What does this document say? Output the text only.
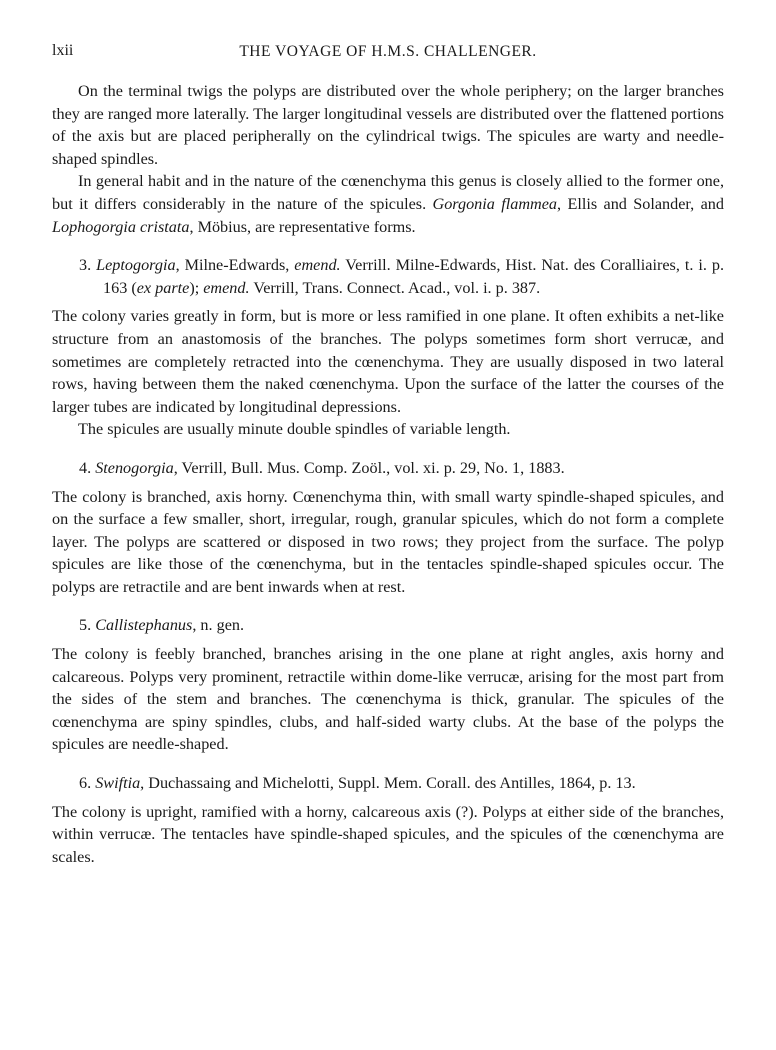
lxii	THE VOYAGE OF H.M.S. CHALLENGER.

On the terminal twigs the polyps are distributed over the whole periphery; on the larger branches they are ranged more laterally. The larger longitudinal vessels are distributed over the flattened portions of the axis but are placed peripherally on the cylindrical twigs. The spicules are warty and needle-shaped spindles.

In general habit and in the nature of the cœnenchyma this genus is closely allied to the former one, but it differs considerably in the nature of the spicules. Gorgonia flammea, Ellis and Solander, and Lophogorgia cristata, Möbius, are representative forms.

3. Leptogorgia, Milne-Edwards, emend. Verrill. Milne-Edwards, Hist. Nat. des Coralliaires, t. i. p. 163 (ex parte); emend. Verrill, Trans. Connect. Acad., vol. i. p. 387.

The colony varies greatly in form, but is more or less ramified in one plane. It often exhibits a net-like structure from an anastomosis of the branches. The polyps sometimes form short verrucæ, and sometimes are completely retracted into the cœnenchyma. They are usually disposed in two lateral rows, having between them the naked cœnenchyma. Upon the surface of the latter the courses of the larger tubes are indicated by longitudinal depressions.

The spicules are usually minute double spindles of variable length.

4. Stenogorgia, Verrill, Bull. Mus. Comp. Zoöl., vol. xi. p. 29, No. 1, 1883.

The colony is branched, axis horny. Cœnenchyma thin, with small warty spindle-shaped spicules, and on the surface a few smaller, short, irregular, rough, granular spicules, which do not form a complete layer. The polyps are scattered or disposed in two rows; they project from the surface. The polyp spicules are like those of the cœnenchyma, but in the tentacles spindle-shaped spicules occur. The polyps are retractile and are bent inwards when at rest.

5. Callistephanus, n. gen.

The colony is feebly branched, branches arising in the one plane at right angles, axis horny and calcareous. Polyps very prominent, retractile within dome-like verrucæ, arising for the most part from the sides of the stem and branches. The cœnenchyma is thick, granular. The spicules of the cœnenchyma are spiny spindles, clubs, and half-sided warty clubs. At the base of the polyps the spicules are needle-shaped.

6. Swiftia, Duchassaing and Michelotti, Suppl. Mem. Corall. des Antilles, 1864, p. 13.

The colony is upright, ramified with a horny, calcareous axis (?). Polyps at either side of the branches, within verrucæ. The tentacles have spindle-shaped spicules, and the spicules of the cœnenchyma are scales.
